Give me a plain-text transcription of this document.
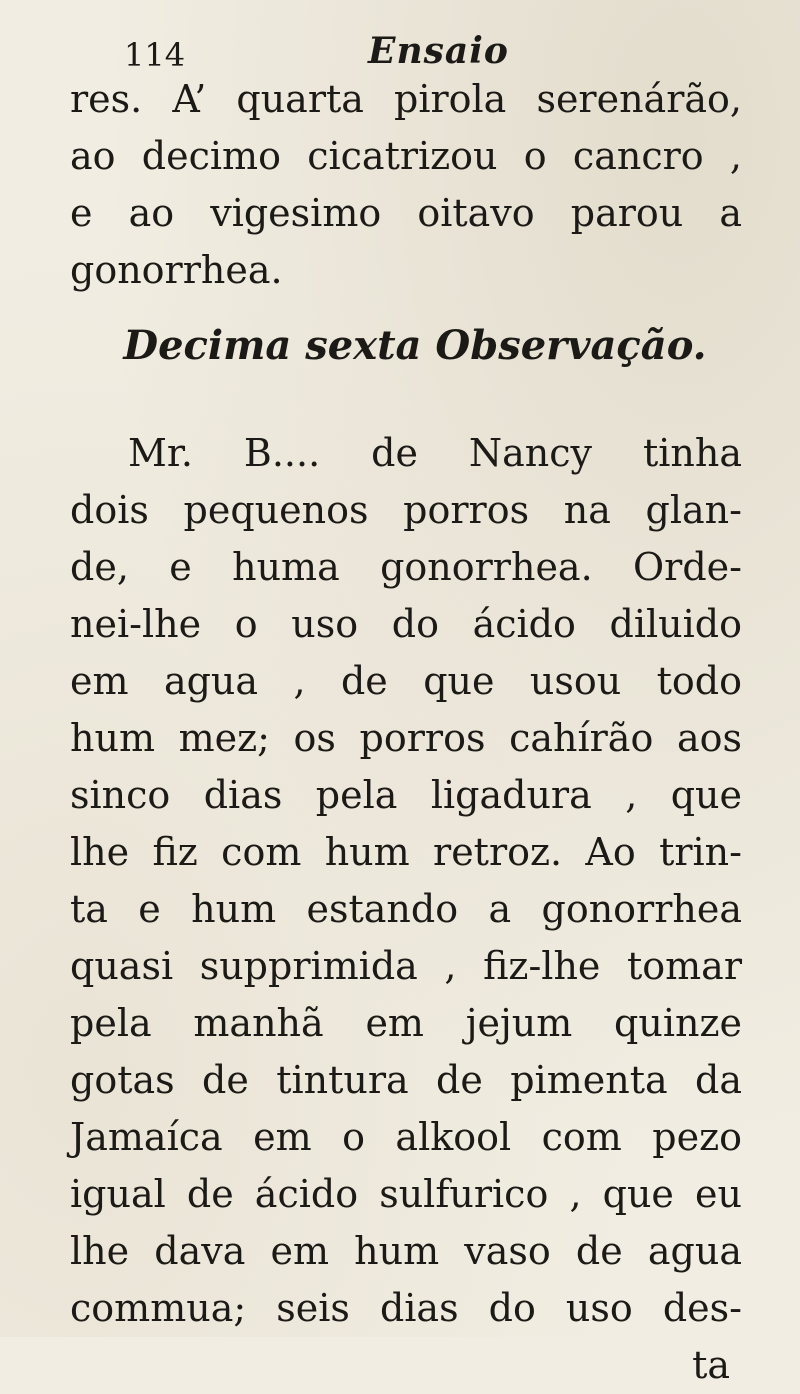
114	Ensaio
res. A’ quarta pirola serenárão,
ao decimo cicatrizou o cancro ,
e ao vigesimo oitavo parou a
gonorrhea.
Decima sexta Observação.
Mr. B.... de Nancy tinha
dois pequenos porros na glan-
de, e huma gonorrhea. Orde-
nei-lhe o uso do ácido diluido
em agua , de que usou todo
hum mez; os porros cahírão aos
sinco dias pela ligadura , que
lhe fiz com hum retroz. Ao trin-
ta e hum estando a gonorrhea
quasi supprimida , fiz-lhe tomar
pela manhã em jejum quinze
gotas de tintura de pimenta da
Jamaíca em o alkool com pezo
igual de ácido sulfurico , que eu
lhe dava em hum vaso de agua
commua; seis dias do uso des-
ta
